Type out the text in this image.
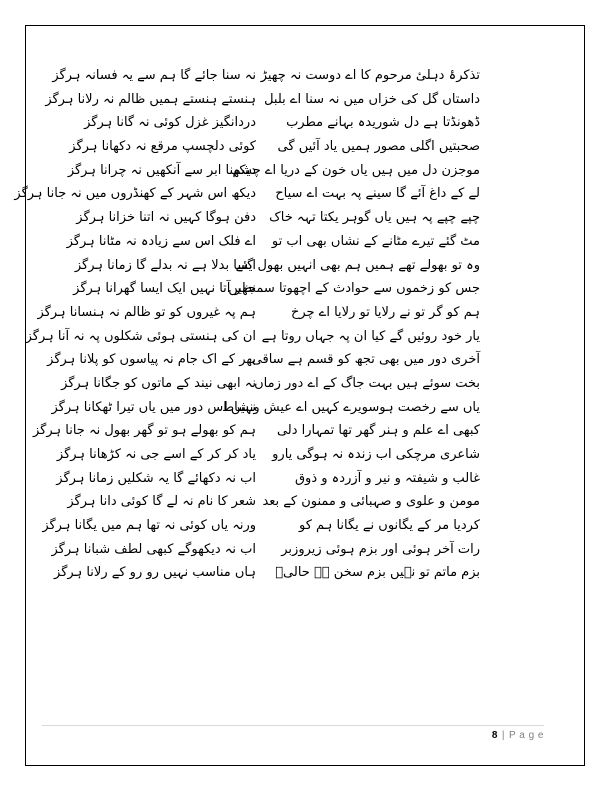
تذکرۂ دہلیٔ مرحوم کا اے دوست نہ چھیڑ
نہ سنا جائے گا ہم سے یہ فسانہ ہرگز
داستاں گل کی خزاں میں نہ سنا اے بلبل
ہنستے ہنستے ہمیں ظالم نہ رلانا ہرگز
ڈھونڈتا ہے دل شوریدہ بہانے مطرب
دردانگیز غزل کوئی نہ گانا ہرگز
صحبتیں اگلی مصور ہمیں یاد آئیں گی
کوئی دلچسپ مرقع نہ دکھانا ہرگز
موجزن دل میں ہیں یاں خون کے دریا اے چشم
دیکھنا ابر سے آنکھیں نہ چرانا ہرگز
لے کے داغ آئے گا سینے پہ بہت اے سیاح
دیکھ اس شہر کے کھنڈروں میں نہ جانا ہرگز
چپے چپے پہ ہیں یاں گوہر یکتا تہہ خاک
دفن ہوگا کہیں نہ اتنا خزانا ہرگز
مٹ گئے تیرے مٹانے کے نشاں بھی اب تو
اے فلک اس سے زیادہ نہ مٹانا ہرگز
وہ تو بھولے تھے ہمیں ہم بھی انہیں بھول گئے
ایسا بدلا ہے نہ بدلے گا زمانا ہرگز
جس کو زخموں سے حوادث کے اچھوتا سمجھیں
نظر آتا نہیں ایک ایسا گھرانا ہرگز
ہم کو گر تو نے رلایا تو رلایا اے چرخ
ہم پہ غیروں کو تو ظالم نہ ہنسانا ہرگز
یار خود روئیں گے کیا ان پہ جہاں روتا ہے
ان کی ہنستی ہوئی شکلوں پہ نہ آنا ہرگز
آخری دور میں بھی تجھ کو قسم ہے ساقی
بھر کے اک جام نہ پیاسوں کو پلانا ہرگز
بخت سوئے ہیں بہت جاگ کے اے دور زماں
نہ ابھی نیند کے ماتوں کو جگانا ہرگز
یاں سے رخصت ہوسویرے کہیں اے عیش ونشاط
نہیں اس دور میں یاں تیرا ٹھکانا ہرگز
کبھی اے علم و ہنر گھر تھا تمہارا دلی
ہم کو بھولے ہو تو گھر بھول نہ جانا ہرگز
شاعری مرچکی اب زندہ نہ ہوگی یارو
یاد کر کر کے اسے جی نہ کڑھانا ہرگز
غالب و شیفتہ و نیر و آزردہ و ذوق
اب نہ دکھائے گا یہ شکلیں زمانا ہرگز
مومن و علوی و صہبائی و ممنون کے بعد
شعر کا نام نہ لے گا کوئی دانا ہرگز
کردیا مر کے یگانوں نے یگانا ہم کو
ورنہ یاں کوئی نہ تھا ہم میں یگانا ہرگز
رات آخر ہوئی اور بزم ہوئی زیروزبر
اب نہ دیکھوگے کبھی لطف شبانا ہرگز
بزم ماتم تو نہیں بزم سخن ہے حالیؔ
ہاں مناسب نہیں رو رو کے رلانا ہرگز
8 | P a g e
